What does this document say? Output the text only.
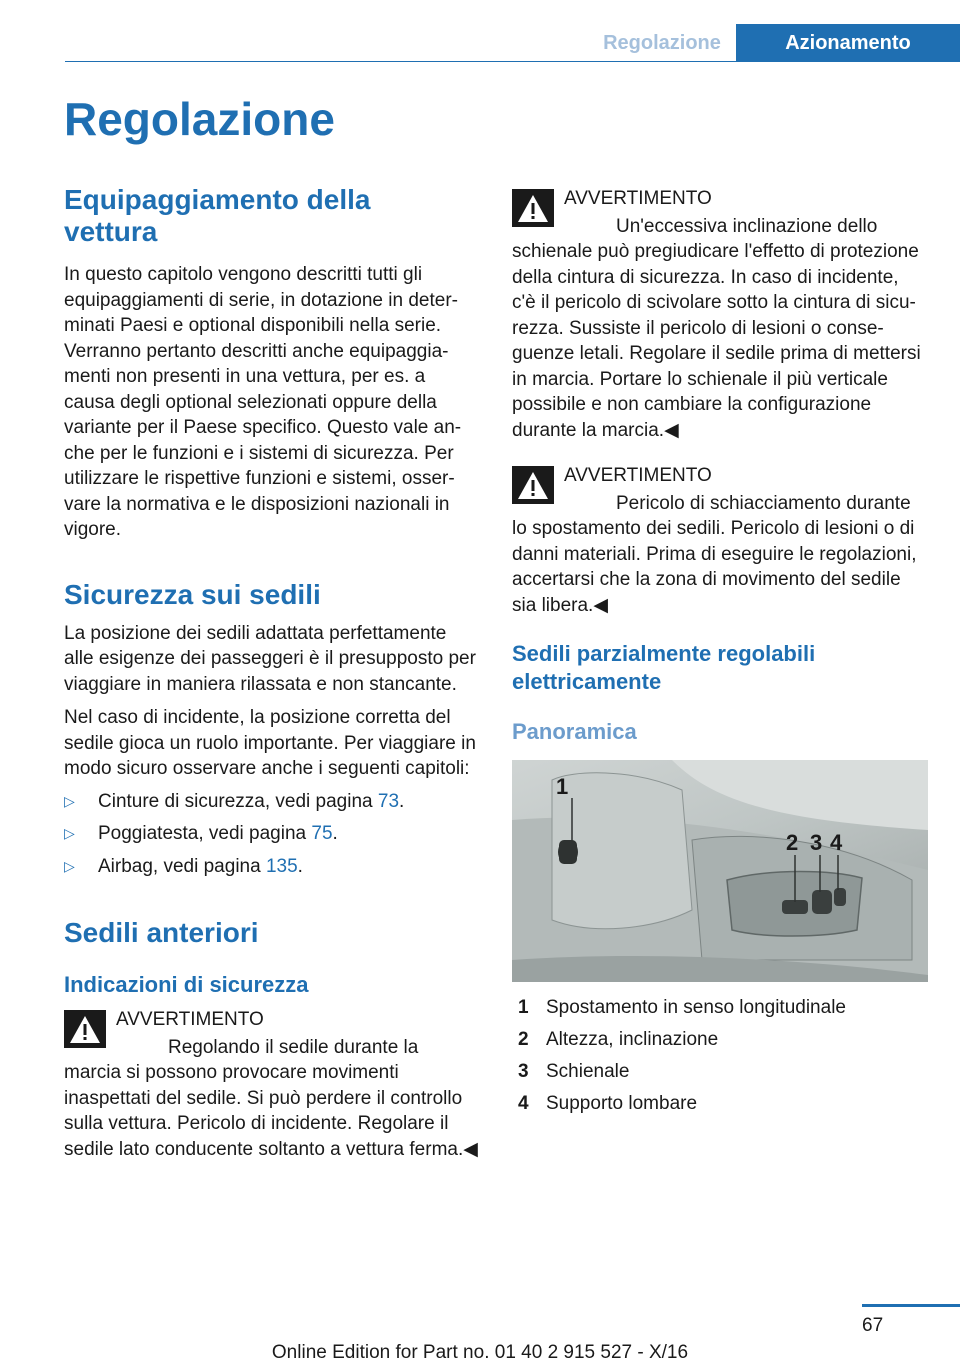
Regolazione	Azionamento
Regolazione
Equipaggiamento della vettura

In questo capitolo vengono descritti tutti gli equipaggiamenti di serie, in dotazione in determinati Paesi e optional disponibili nella serie. Verranno pertanto descritti anche equipaggiamenti non presenti in una vettura, per es. a causa degli optional selezionati oppure della variante per il Paese specifico. Questo vale anche per le funzioni e i sistemi di sicurezza. Per utilizzare le rispettive funzioni e sistemi, osservare la normativa e le disposizioni nazionali in vigore.

Sicurezza sui sedili

La posizione dei sedili adattata perfettamente alle esigenze dei passeggeri è il presupposto per viaggiare in maniera rilassata e non stancante.

Nel caso di incidente, la posizione corretta del sedile gioca un ruolo importante. Per viaggiare in modo sicuro osservare anche i seguenti capitoli:

▷ Cinture di sicurezza, vedi pagina 73.
▷ Poggiatesta, vedi pagina 75.
▷ Airbag, vedi pagina 135.
Sedili anteriori
Indicazioni di sicurezza
AVVERTIMENTO
Regolando il sedile durante la marcia si possono provocare movimenti inaspettati del sedile. Si può perdere il controllo sulla vettura. Pericolo di incidente. Regolare il sedile lato conducente soltanto a vettura ferma.◀
AVVERTIMENTO
Un'eccessiva inclinazione dello schienale può pregiudicare l'effetto di protezione della cintura di sicurezza. In caso di incidente, c'è il pericolo di scivolare sotto la cintura di sicurezza. Sussiste il pericolo di lesioni o conseguenze letali. Regolare il sedile prima di mettersi in marcia. Portare lo schienale il più verticale possibile e non cambiare la configurazione durante la marcia.◀
AVVERTIMENTO
Pericolo di schiacciamento durante lo spostamento dei sedili. Pericolo di lesioni o di danni materiali. Prima di eseguire le regolazioni, accertarsi che la zona di movimento del sedile sia libera.◀
Sedili parzialmente regolabili elettricamente
Panoramica
1
2 3 4
1 Spostamento in senso longitudinale
2 Altezza, inclinazione
3 Schienale
4 Supporto lombare
67
Online Edition for Part no. 01 40 2 915 527 - X/16
